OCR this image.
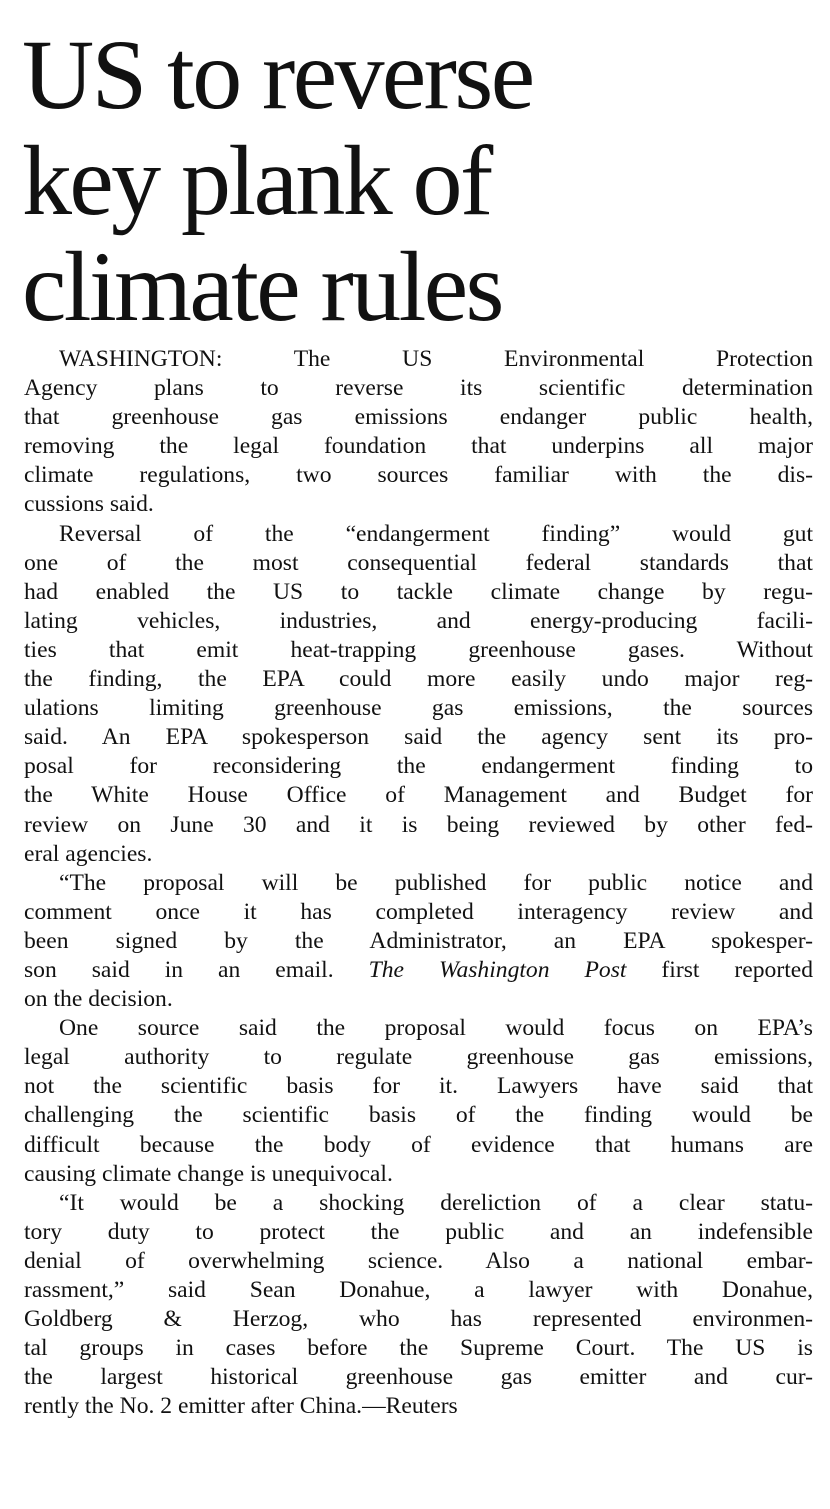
US to reverse
key plank of
climate rules
WASHINGTON: The US Environmental Protection
Agency plans to reverse its scientific determination
that greenhouse gas emissions endanger public health,
removing the legal foundation that underpins all major
climate regulations, two sources familiar with the dis-
cussions said.
Reversal of the “endangerment finding” would gut
one of the most consequential federal standards that
had enabled the US to tackle climate change by regu-
lating vehicles, industries, and energy-producing facili-
ties that emit heat-trapping greenhouse gases. Without
the finding, the EPA could more easily undo major reg-
ulations limiting greenhouse gas emissions, the sources
said. An EPA spokesperson said the agency sent its pro-
posal for reconsidering the endangerment finding to
the White House Office of Management and Budget for
review on June 30 and it is being reviewed by other fed-
eral agencies.
“The proposal will be published for public notice and
comment once it has completed interagency review and
been signed by the Administrator, an EPA spokesper-
son said in an email. The Washington Post first reported
on the decision.
One source said the proposal would focus on EPA’s
legal authority to regulate greenhouse gas emissions,
not the scientific basis for it. Lawyers have said that
challenging the scientific basis of the finding would be
difficult because the body of evidence that humans are
causing climate change is unequivocal.
“It would be a shocking dereliction of a clear statu-
tory duty to protect the public and an indefensible
denial of overwhelming science. Also a national embar-
rassment,” said Sean Donahue, a lawyer with Donahue,
Goldberg & Herzog, who has represented environmen-
tal groups in cases before the Supreme Court. The US is
the largest historical greenhouse gas emitter and cur-
rently the No. 2 emitter after China.—Reuters
